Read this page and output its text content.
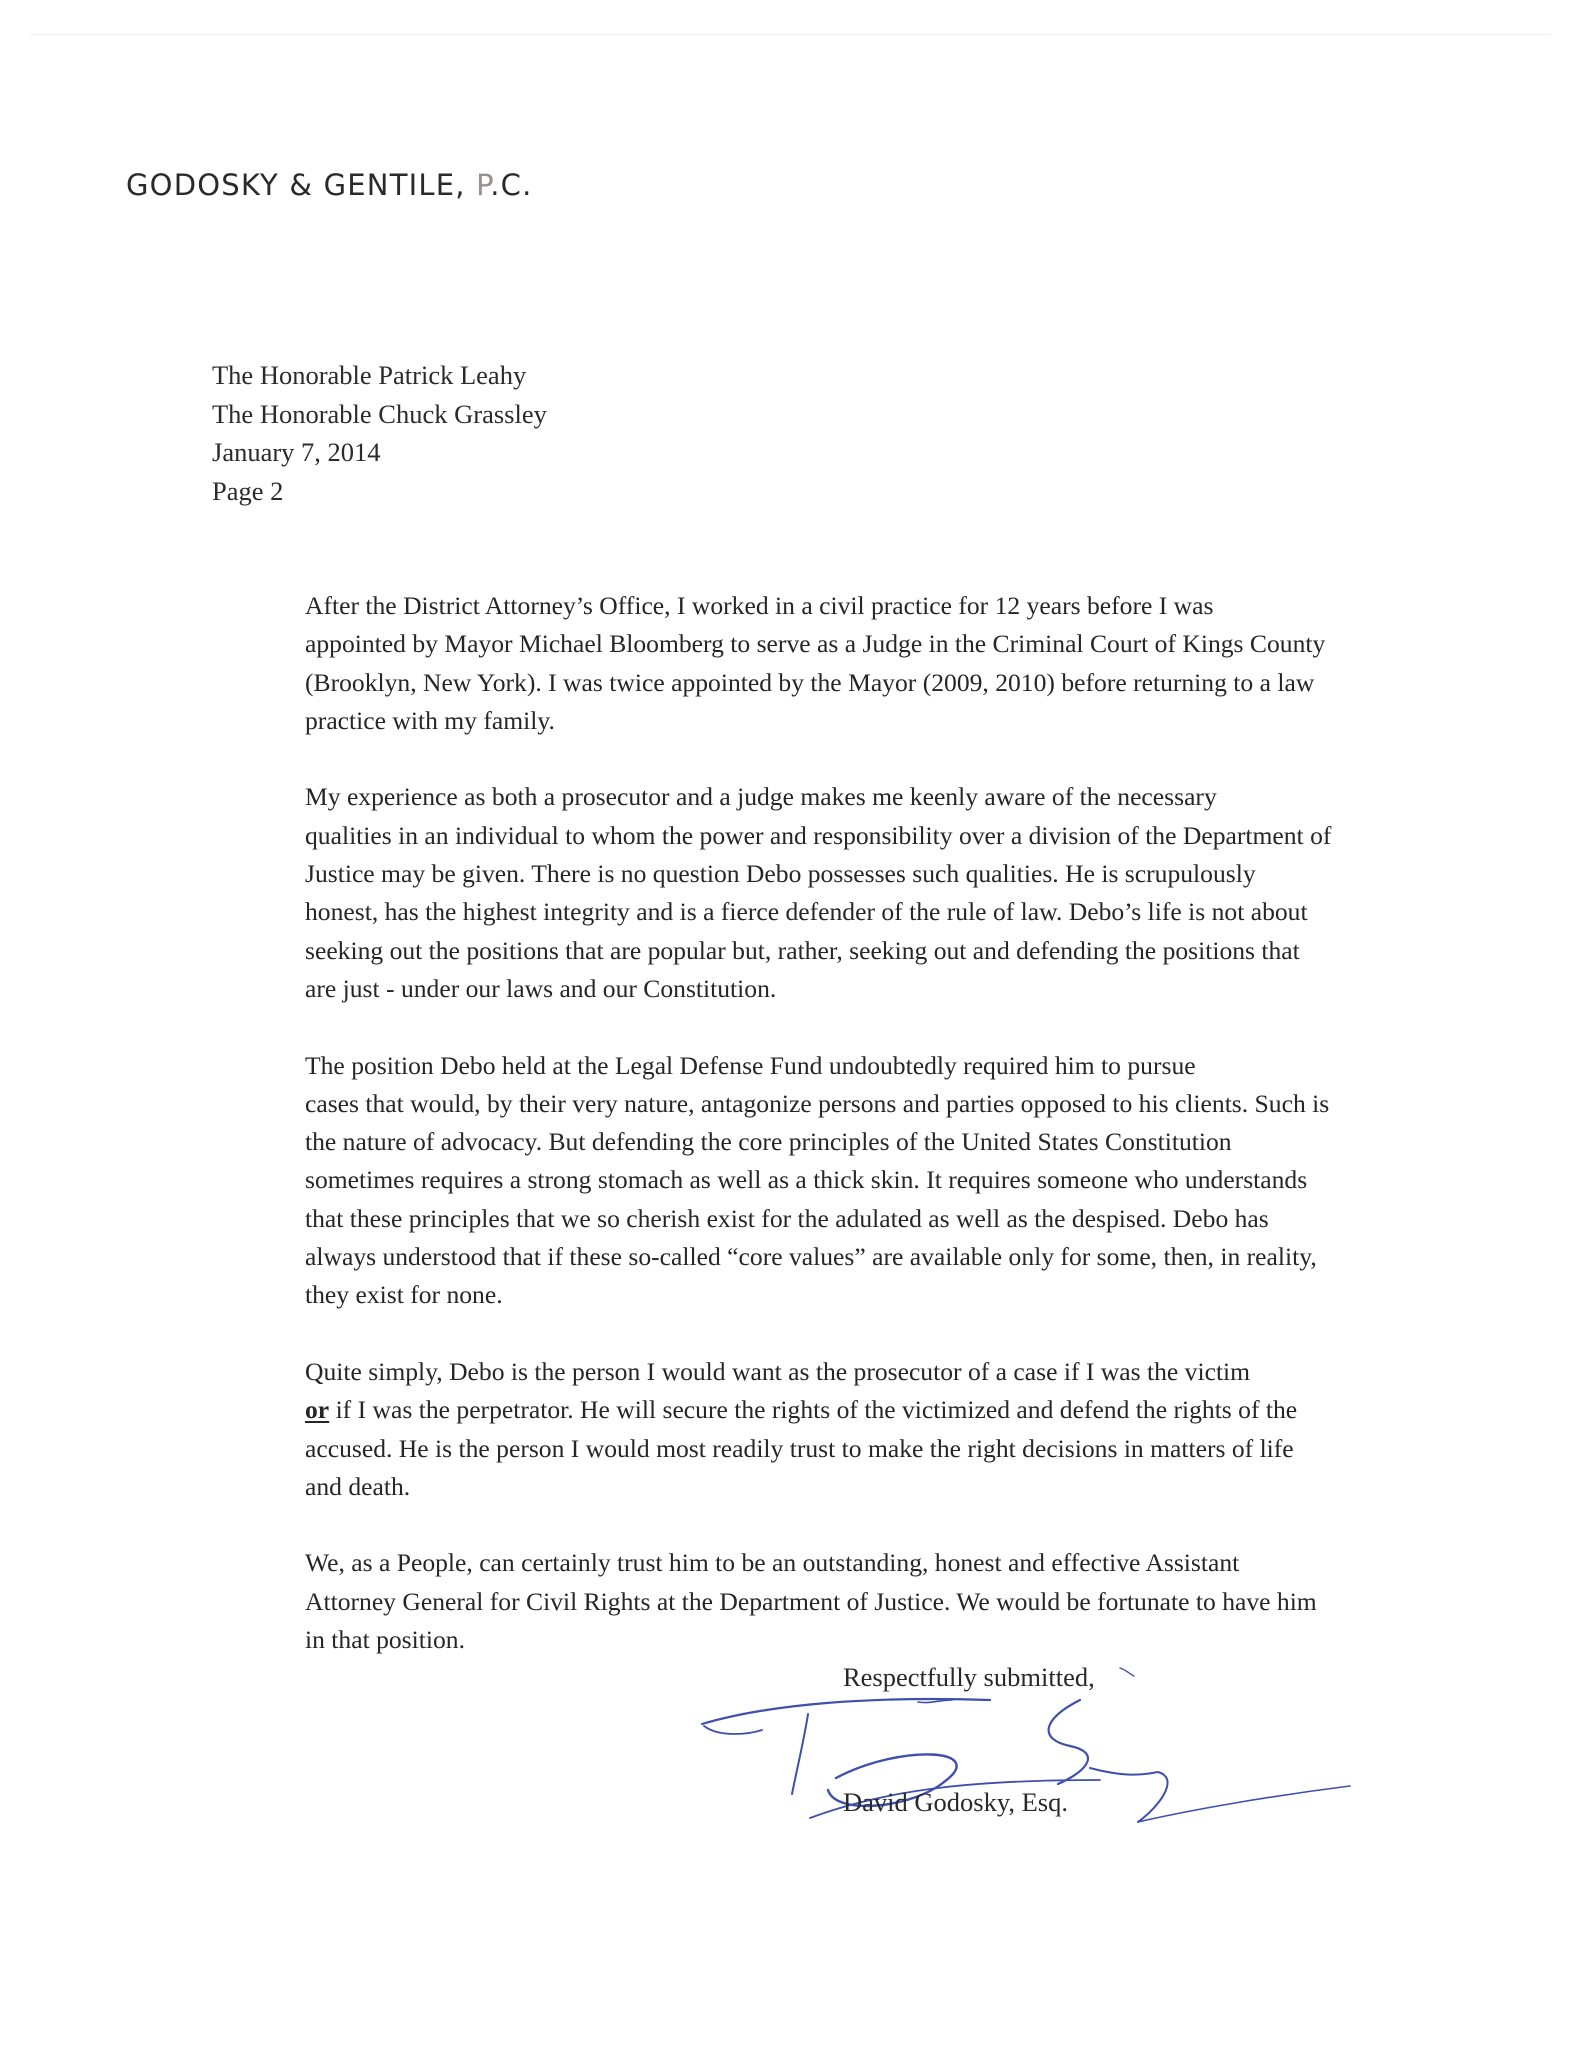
GODOSKY & GENTILE, P.C.
The Honorable Patrick Leahy
The Honorable Chuck Grassley
January 7, 2014
Page 2

After the District Attorney’s Office, I worked in a civil practice for 12 years before I was
appointed by Mayor Michael Bloomberg to serve as a Judge in the Criminal Court of Kings County
(Brooklyn, New York). I was twice appointed by the Mayor (2009, 2010) before returning to a law
practice with my family.

My experience as both a prosecutor and a judge makes me keenly aware of the necessary
qualities in an individual to whom the power and responsibility over a division of the Department of
Justice may be given. There is no question Debo possesses such qualities. He is scrupulously
honest, has the highest integrity and is a fierce defender of the rule of law. Debo’s life is not about
seeking out the positions that are popular but, rather, seeking out and defending the positions that
are just - under our laws and our Constitution.

The position Debo held at the Legal Defense Fund undoubtedly required him to pursue
cases that would, by their very nature, antagonize persons and parties opposed to his clients. Such is
the nature of advocacy. But defending the core principles of the United States Constitution
sometimes requires a strong stomach as well as a thick skin. It requires someone who understands
that these principles that we so cherish exist for the adulated as well as the despised. Debo has
always understood that if these so-called “core values” are available only for some, then, in reality,
they exist for none.

Quite simply, Debo is the person I would want as the prosecutor of a case if I was the victim
or if I was the perpetrator. He will secure the rights of the victimized and defend the rights of the
accused. He is the person I would most readily trust to make the right decisions in matters of life
and death.

We, as a People, can certainly trust him to be an outstanding, honest and effective Assistant
Attorney General for Civil Rights at the Department of Justice. We would be fortunate to have him
in that position.

Respectfully submitted,
David Godosky, Esq.
